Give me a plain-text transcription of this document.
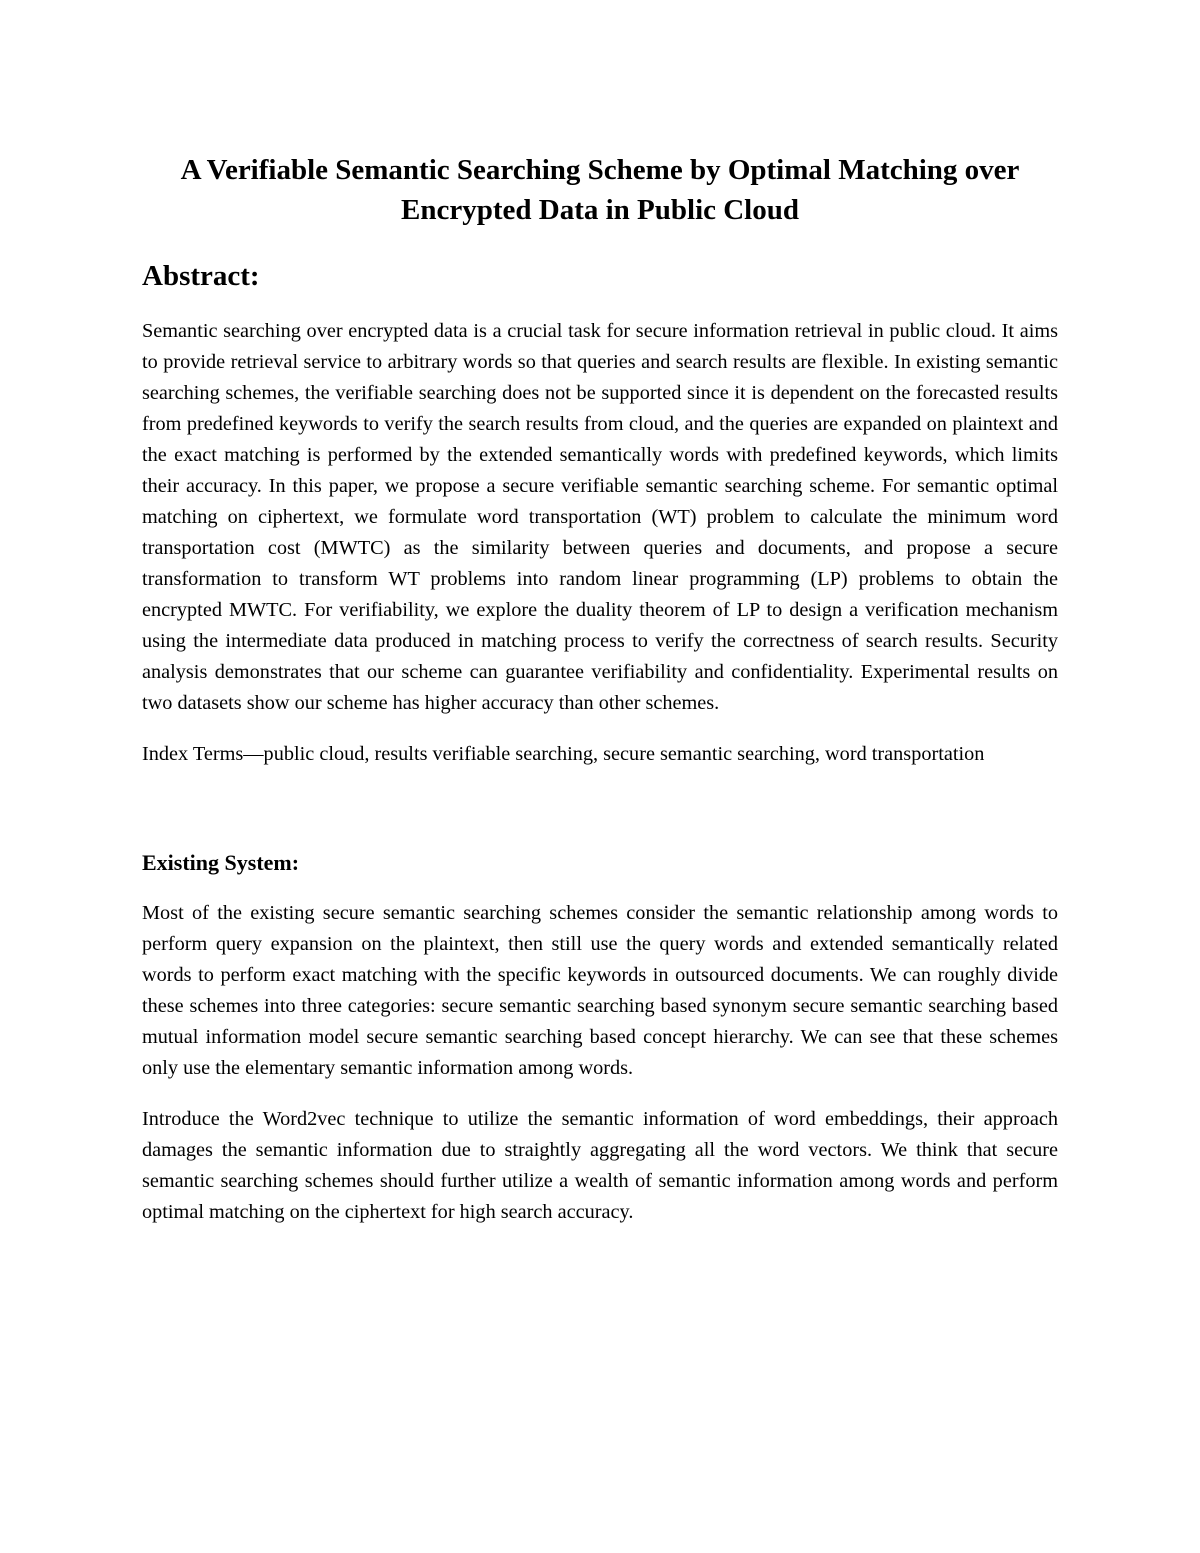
A Verifiable Semantic Searching Scheme by Optimal Matching over Encrypted Data in Public Cloud
Abstract:

Semantic searching over encrypted data is a crucial task for secure information retrieval in public cloud. It aims to provide retrieval service to arbitrary words so that queries and search results are flexible. In existing semantic searching schemes, the verifiable searching does not be supported since it is dependent on the forecasted results from predefined keywords to verify the search results from cloud, and the queries are expanded on plaintext and the exact matching is performed by the extended semantically words with predefined keywords, which limits their accuracy. In this paper, we propose a secure verifiable semantic searching scheme. For semantic optimal matching on ciphertext, we formulate word transportation (WT) problem to calculate the minimum word transportation cost (MWTC) as the similarity between queries and documents, and propose a secure transformation to transform WT problems into random linear programming (LP) problems to obtain the encrypted MWTC. For verifiability, we explore the duality theorem of LP to design a verification mechanism using the intermediate data produced in matching process to verify the correctness of search results. Security analysis demonstrates that our scheme can guarantee verifiability and confidentiality. Experimental results on two datasets show our scheme has higher accuracy than other schemes.

Index Terms—public cloud, results verifiable searching, secure semantic searching, word transportation

Existing System:

Most of the existing secure semantic searching schemes consider the semantic relationship among words to perform query expansion on the plaintext, then still use the query words and extended semantically related words to perform exact matching with the specific keywords in outsourced documents. We can roughly divide these schemes into three categories: secure semantic searching based synonym secure semantic searching based mutual information model secure semantic searching based concept hierarchy. We can see that these schemes only use the elementary semantic information among words.

Introduce the Word2vec technique to utilize the semantic information of word embeddings, their approach damages the semantic information due to straightly aggregating all the word vectors. We think that secure semantic searching schemes should further utilize a wealth of semantic information among words and perform optimal matching on the ciphertext for high search accuracy.
